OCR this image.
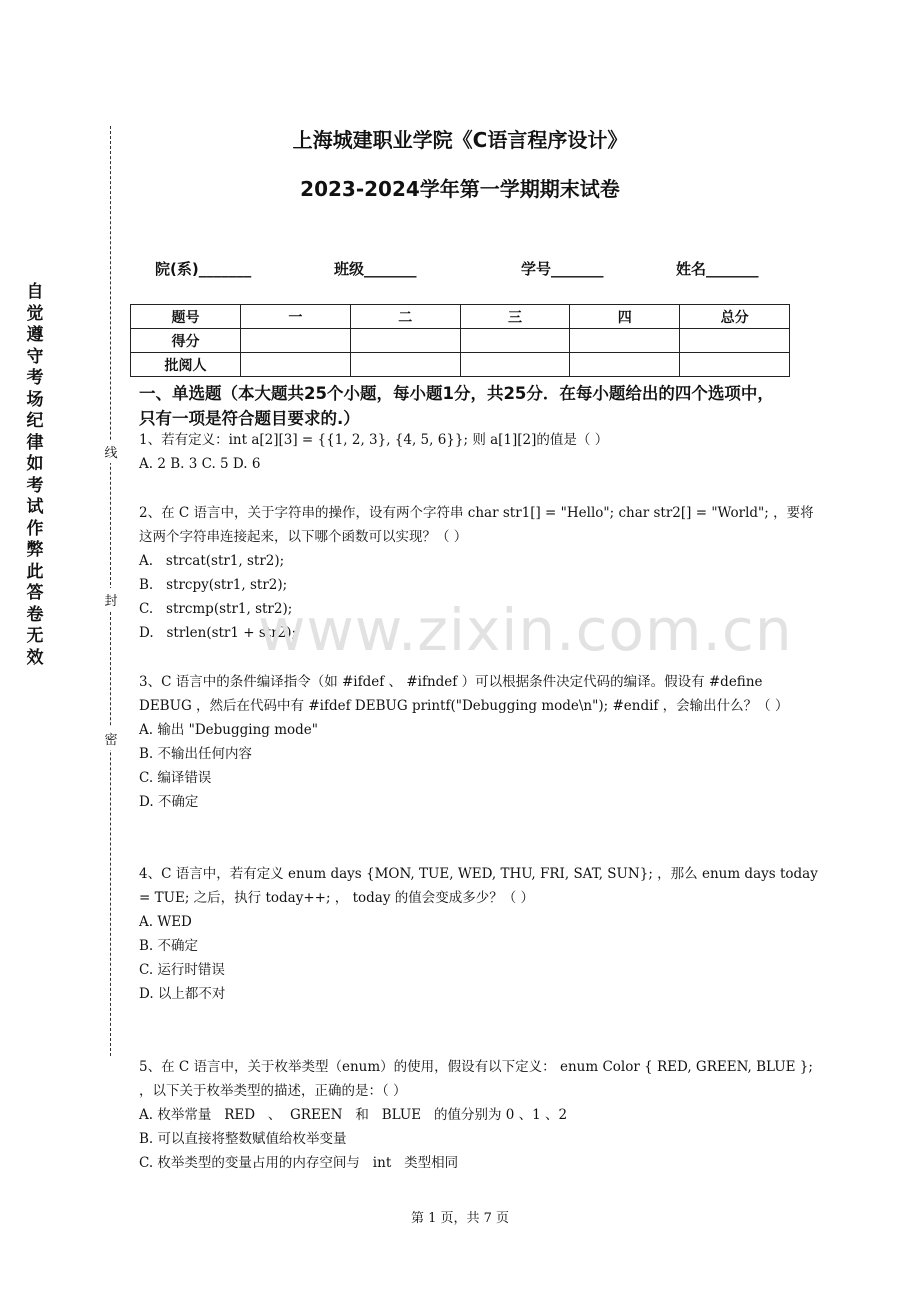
自觉遵守考场纪律如考试作弊此答卷无效
线
封
密
上海城建职业学院《C语言程序设计》
2023-2024学年第一学期期末试卷
院(系)_______	班级_______	学号_______	姓名_______
题号	一	二	三	四	总分
得分					
批阅人					
一、单选题（本大题共25个小题，每小题1分，共25分．在每小题给出的四个选项中，只有一项是符合题目要求的.）
1、若有定义：int a[2][3] = {{1, 2, 3}, {4, 5, 6}}; 则 a[1][2]的值是（ ）
A. 2 B. 3 C. 5 D. 6
2、在 C 语言中，关于字符串的操作，设有两个字符串 char str1[] = "Hello"; char str2[] = "World"; ，要将这两个字符串连接起来，以下哪个函数可以实现？（ ）
A.   strcat(str1, str2);
B.   strcpy(str1, str2);
C.   strcmp(str1, str2);
D.   strlen(str1 + str2);
3、C 语言中的条件编译指令（如 #ifdef 、 #ifndef ）可以根据条件决定代码的编译。假设有 #define DEBUG ，然后在代码中有 #ifdef DEBUG printf("Debugging mode\n"); #endif ，会输出什么？（ ）
A. 输出 "Debugging mode"
B. 不输出任何内容
C. 编译错误
D. 不确定
4、C 语言中，若有定义 enum days {MON, TUE, WED, THU, FRI, SAT, SUN}; ，那么 enum days today = TUE; 之后，执行 today++; ， today 的值会变成多少？（ ）
A. WED
B. 不确定
C. 运行时错误
D. 以上都不对
5、在 C 语言中，关于枚举类型（enum）的使用，假设有以下定义： enum Color { RED, GREEN, BLUE }; ，以下关于枚举类型的描述，正确的是：（ ）
A. 枚举常量   RED   、  GREEN   和   BLUE   的值分别为 0 、1 、2
B. 可以直接将整数赋值给枚举变量
C. 枚举类型的变量占用的内存空间与   int   类型相同
www.zixin.com.cn
第 1 页，共 7 页
